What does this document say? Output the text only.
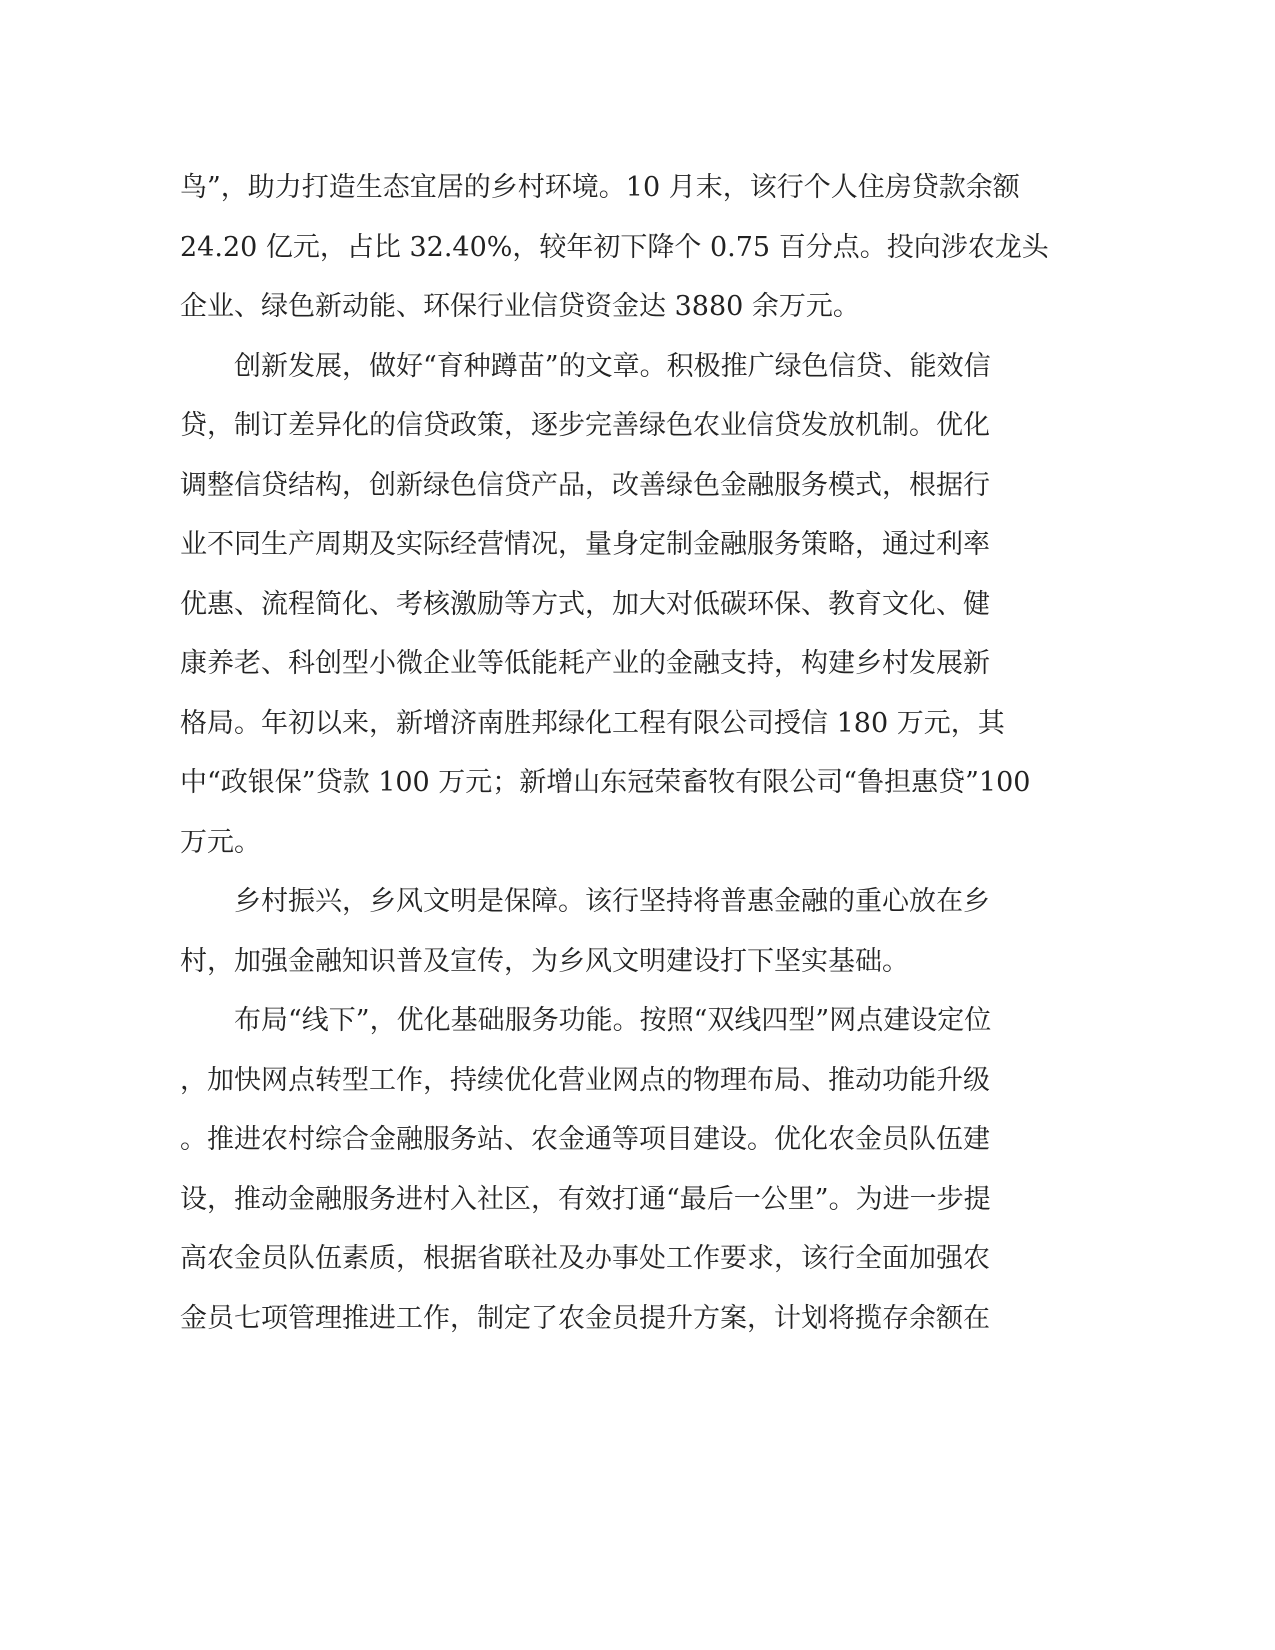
鸟”，助力打造生态宜居的乡村环境。10 月末，该行个人住房贷款余额
24.20 亿元，占比 32.40%，较年初下降个 0.75 百分点。投向涉农龙头
企业、绿色新动能、环保行业信贷资金达 3880 余万元。
　　创新发展，做好“育种蹲苗”的文章。积极推广绿色信贷、能效信
贷，制订差异化的信贷政策，逐步完善绿色农业信贷发放机制。优化
调整信贷结构，创新绿色信贷产品，改善绿色金融服务模式，根据行
业不同生产周期及实际经营情况，量身定制金融服务策略，通过利率
优惠、流程简化、考核激励等方式，加大对低碳环保、教育文化、健
康养老、科创型小微企业等低能耗产业的金融支持，构建乡村发展新
格局。年初以来，新增济南胜邦绿化工程有限公司授信 180 万元，其
中“政银保”贷款 100 万元；新增山东冠荣畜牧有限公司“鲁担惠贷”100
万元。
　　乡村振兴，乡风文明是保障。该行坚持将普惠金融的重心放在乡
村，加强金融知识普及宣传，为乡风文明建设打下坚实基础。
　　布局“线下”，优化基础服务功能。按照“双线四型”网点建设定位
，加快网点转型工作，持续优化营业网点的物理布局、推动功能升级
。推进农村综合金融服务站、农金通等项目建设。优化农金员队伍建
设，推动金融服务进村入社区，有效打通“最后一公里”。为进一步提
高农金员队伍素质，根据省联社及办事处工作要求，该行全面加强农
金员七项管理推进工作，制定了农金员提升方案，计划将揽存余额在
